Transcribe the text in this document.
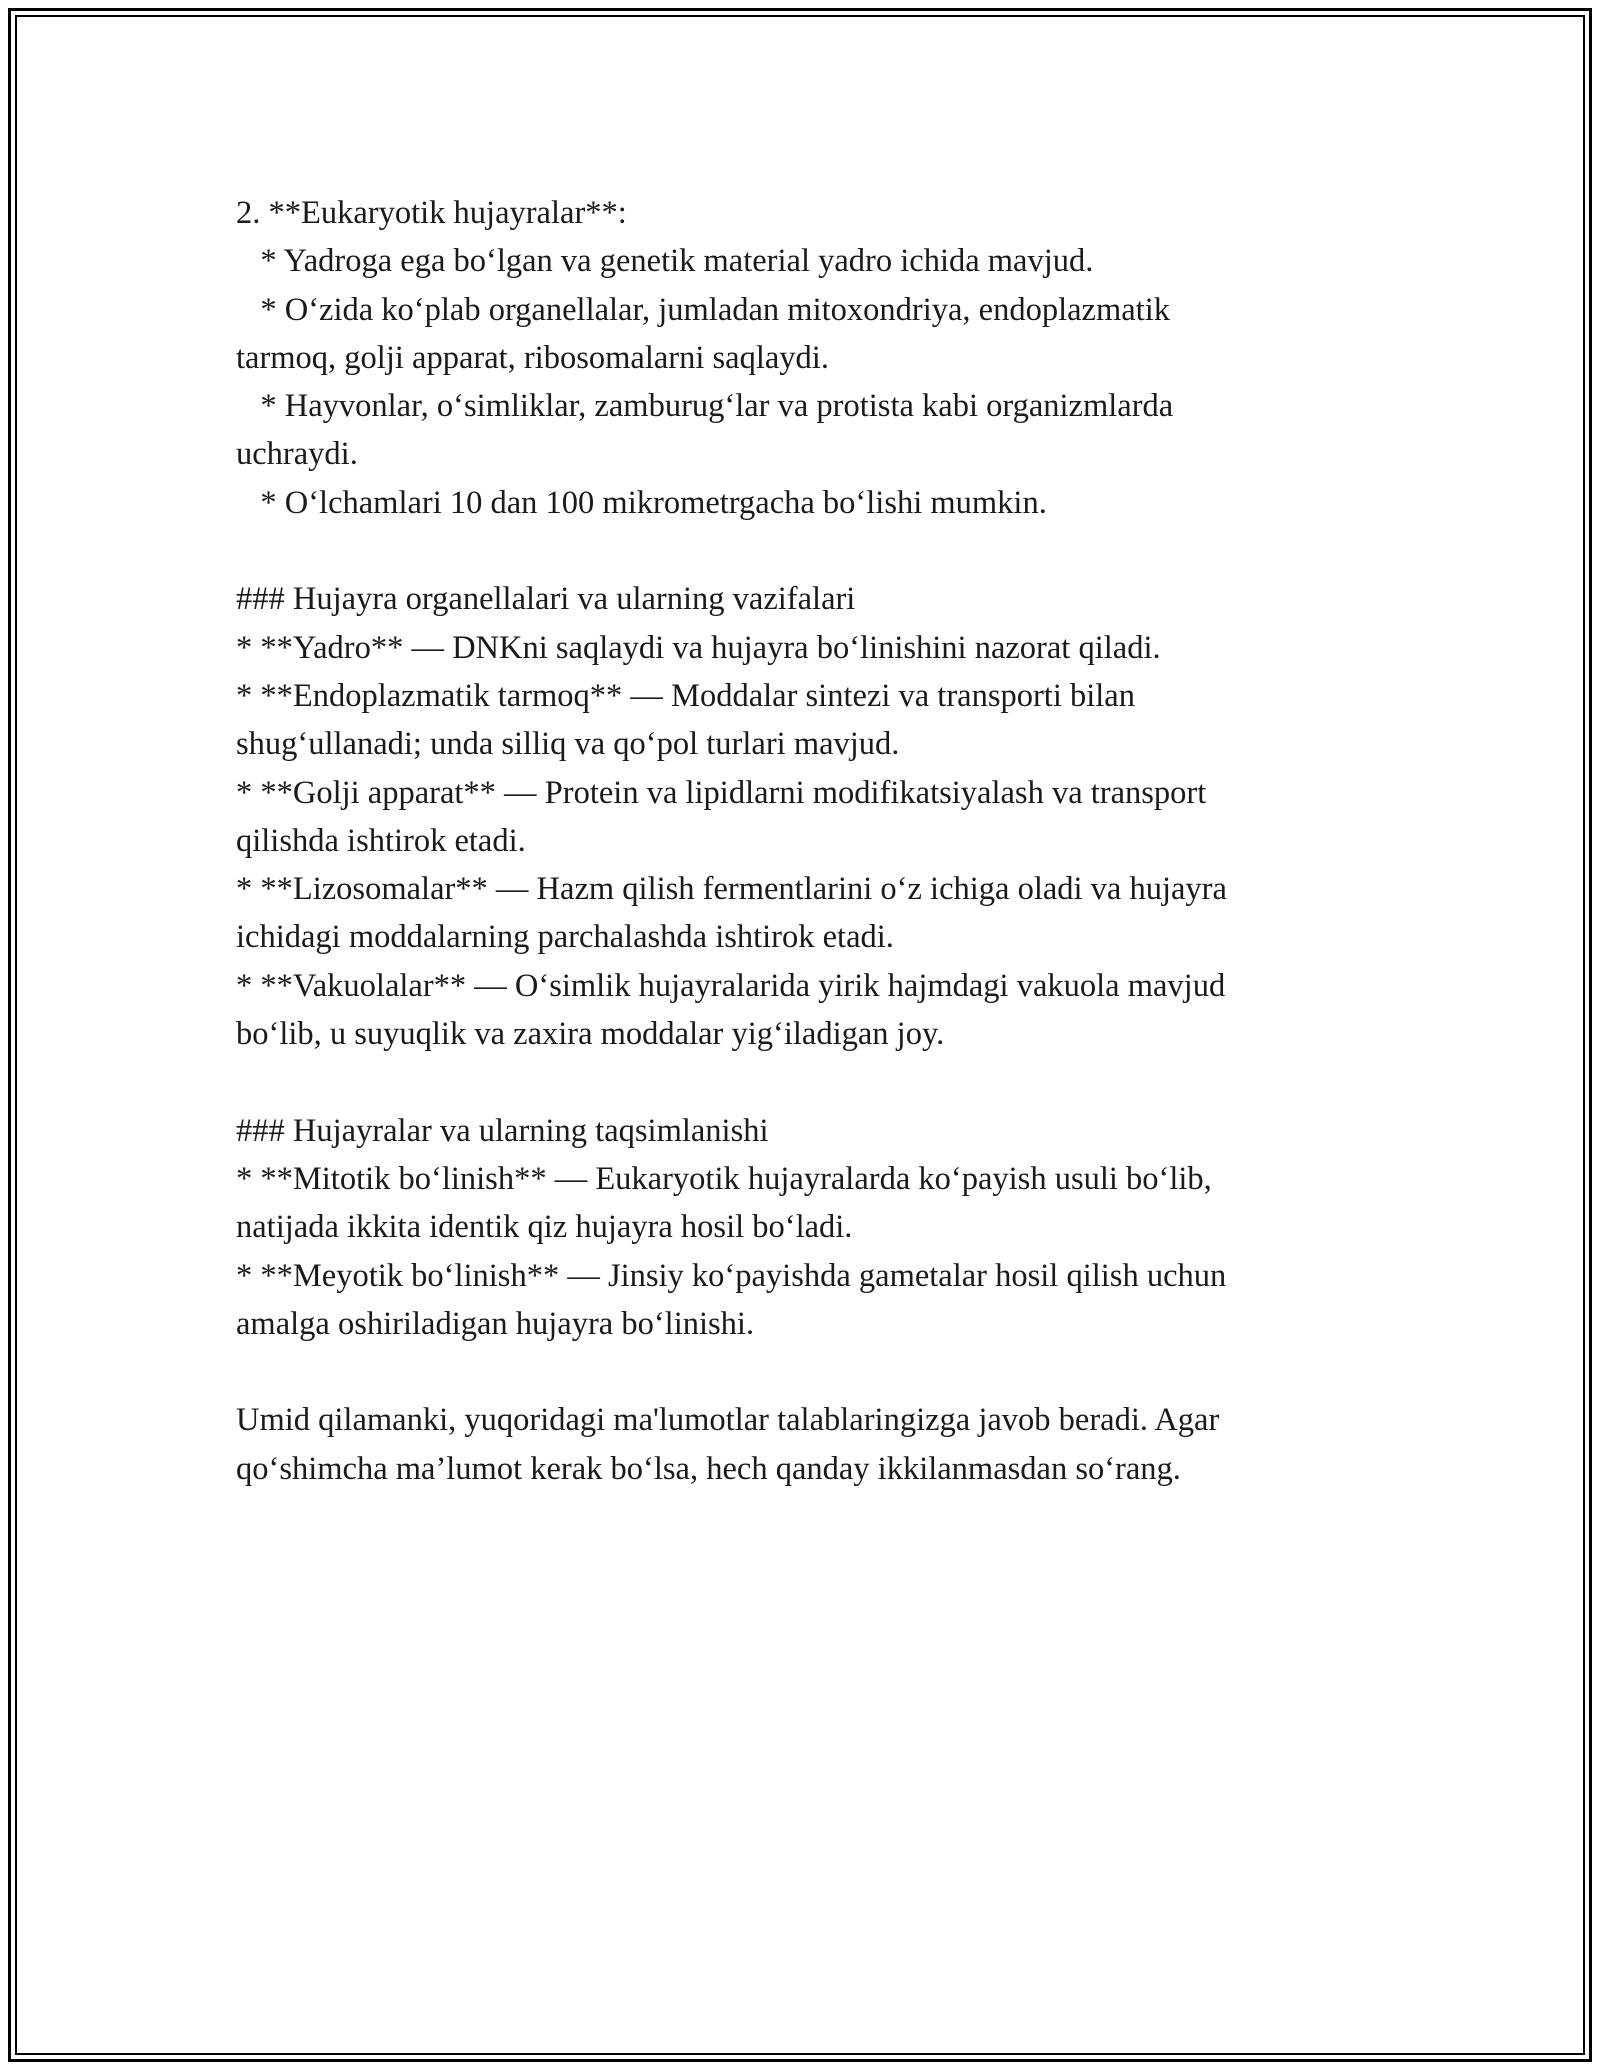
2. **Eukaryotik hujayralar**:
* Yadroga ega bo‘lgan va genetik material yadro ichida mavjud.
* O‘zida ko‘plab organellalar, jumladan mitoxondriya, endoplazmatik
tarmoq, golji apparat, ribosomalarni saqlaydi.
* Hayvonlar, o‘simliklar, zamburug‘lar va protista kabi organizmlarda
uchraydi.
* O‘lchamlari 10 dan 100 mikrometrgacha bo‘lishi mumkin.
### Hujayra organellalari va ularning vazifalari
* **Yadro** — DNKni saqlaydi va hujayra bo‘linishini nazorat qiladi.
* **Endoplazmatik tarmoq** — Moddalar sintezi va transporti bilan
shug‘ullanadi; unda silliq va qo‘pol turlari mavjud.
* **Golji apparat** — Protein va lipidlarni modifikatsiyalash va transport
qilishda ishtirok etadi.
* **Lizosomalar** — Hazm qilish fermentlarini o‘z ichiga oladi va hujayra
ichidagi moddalarning parchalashda ishtirok etadi.
* **Vakuolalar** — O‘simlik hujayralarida yirik hajmdagi vakuola mavjud
bo‘lib, u suyuqlik va zaxira moddalar yig‘iladigan joy.
### Hujayralar va ularning taqsimlanishi
* **Mitotik bo‘linish** — Eukaryotik hujayralarda ko‘payish usuli bo‘lib,
natijada ikkita identik qiz hujayra hosil bo‘ladi.
* **Meyotik bo‘linish** — Jinsiy ko‘payishda gametalar hosil qilish uchun
amalga oshiriladigan hujayra bo‘linishi.
Umid qilamanki, yuqoridagi ma'lumotlar talablaringizga javob beradi. Agar
qo‘shimcha ma’lumot kerak bo‘lsa, hech qanday ikkilanmasdan so‘rang.
